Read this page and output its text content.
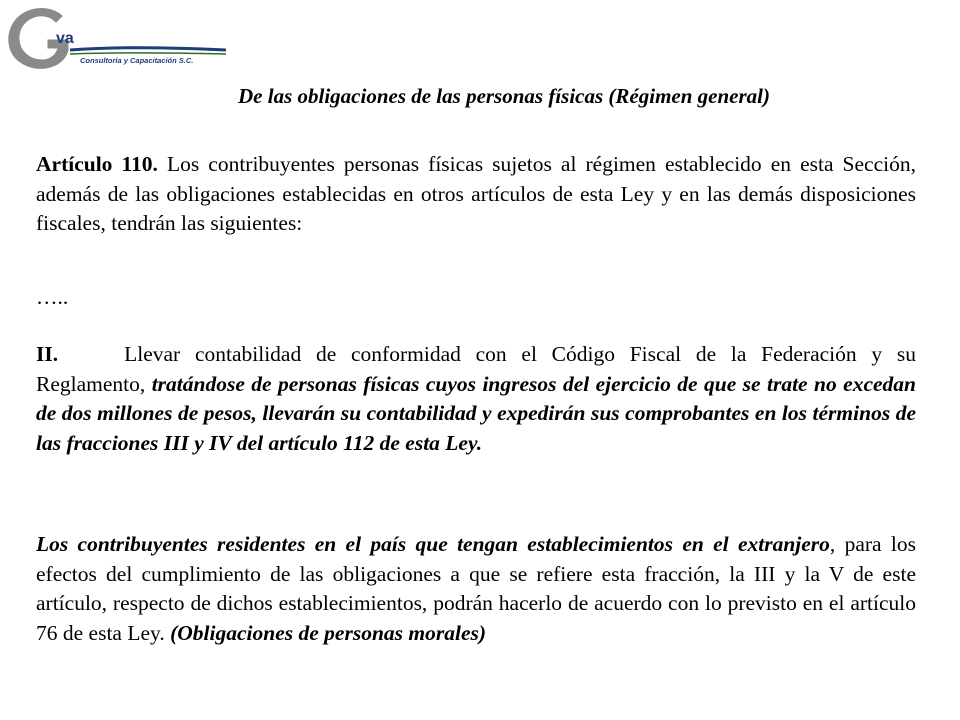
va
Consultoría y Capacitación S.C.
De las obligaciones de las personas físicas (Régimen general)
Artículo 110. Los contribuyentes personas físicas sujetos al régimen establecido en esta Sección, además de las obligaciones establecidas en otros artículos de esta Ley y en las demás disposiciones fiscales, tendrán las siguientes:
…..
II.	Llevar contabilidad de conformidad con el Código Fiscal de la Federación y su Reglamento, tratándose de personas físicas cuyos ingresos del ejercicio de que se trate no excedan de dos millones de pesos, llevarán su contabilidad y expedirán sus comprobantes en los términos de las fracciones III y IV del artículo 112 de esta Ley.
Los contribuyentes residentes en el país que tengan establecimientos en el extranjero, para los efectos del cumplimiento de las obligaciones a que se refiere esta fracción, la III y la V de este artículo, respecto de dichos establecimientos, podrán hacerlo de acuerdo con lo previsto en el artículo 76 de esta Ley. (Obligaciones de personas morales)
